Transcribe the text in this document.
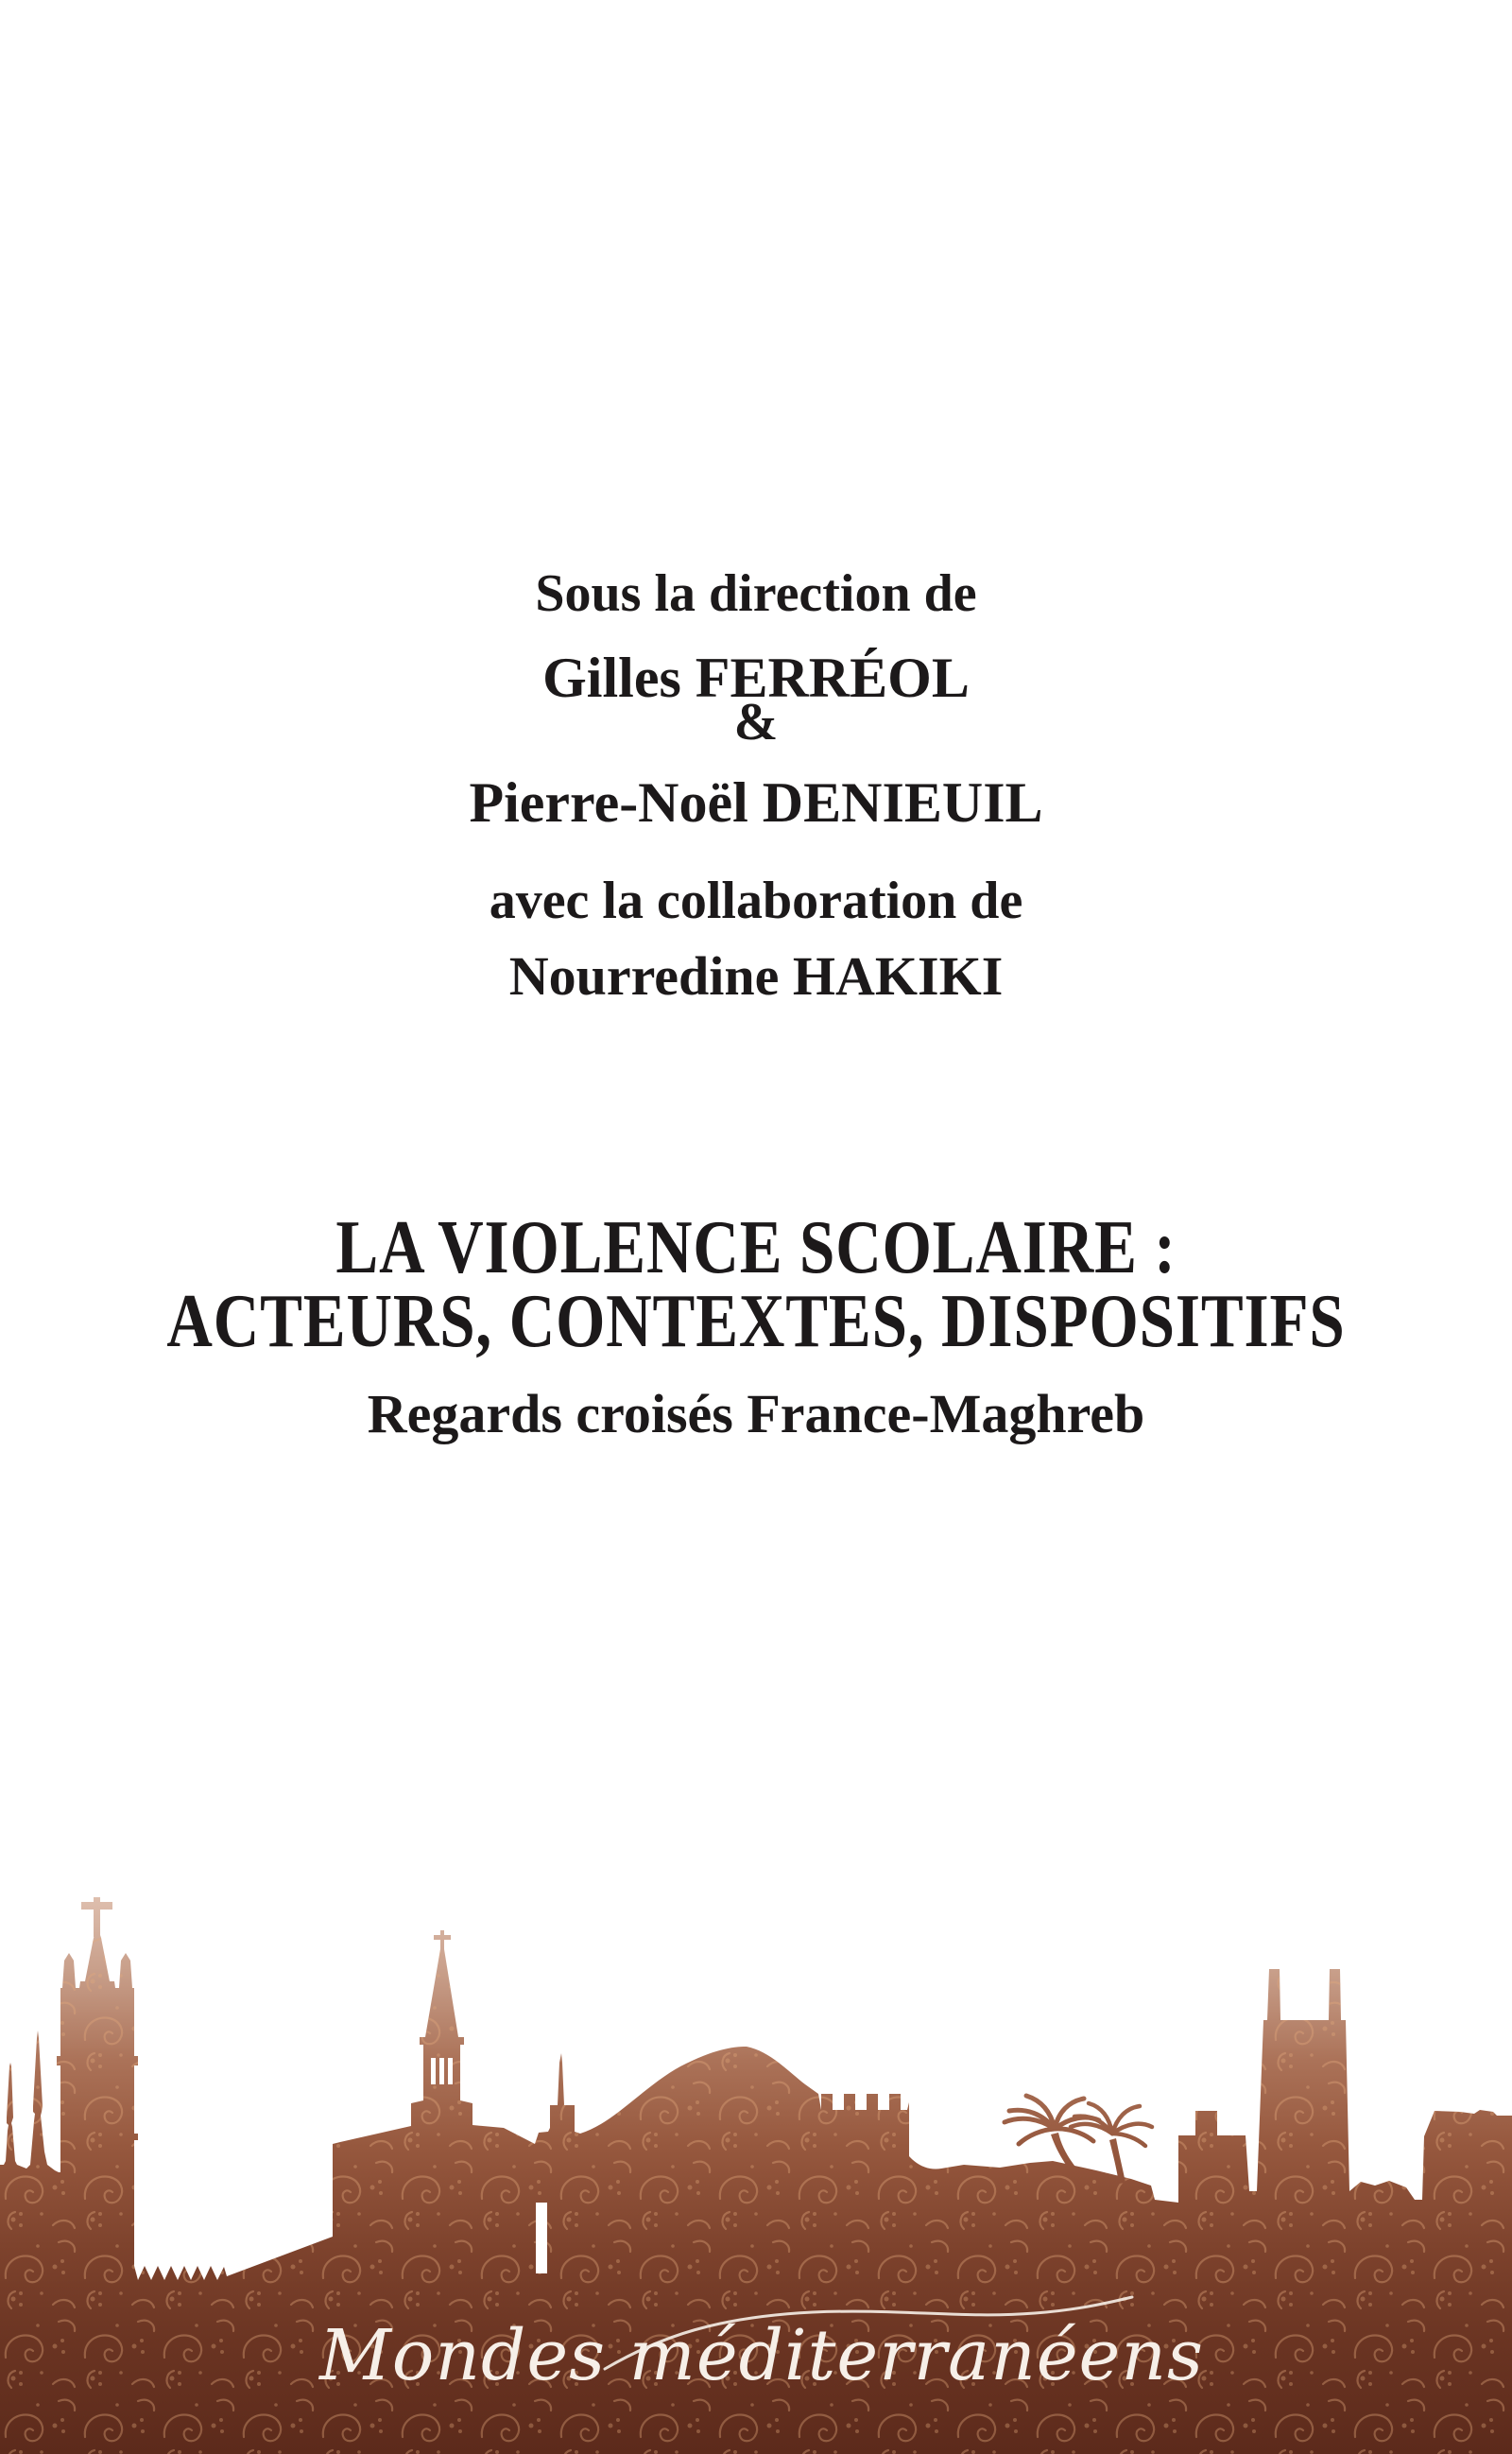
Sous la direction de
Gilles FERRÉOL
&
Pierre-Noël DENIEUIL
avec la collaboration de
Nourredine HAKIKI
LA VIOLENCE SCOLAIRE :
ACTEURS, CONTEXTES, DISPOSITIFS
Regards croisés France-Maghreb
Mondes méditerranéens
